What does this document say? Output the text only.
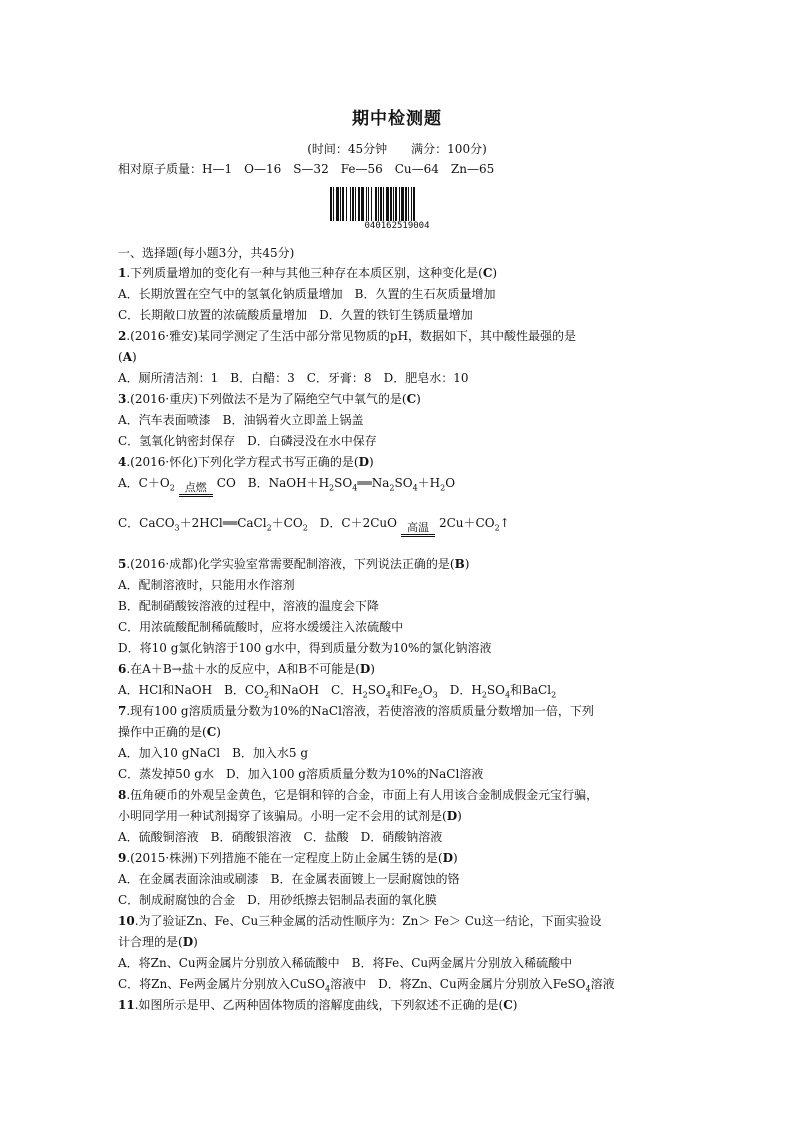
期中检测题
(时间：45分钟　　满分：100分)
相对原子质量：H—1　O—16　S—32　Fe—56　Cu—64　Zn—65
040162519004
一、选择题(每小题3分，共45分)
1.下列质量增加的变化有一种与其他三种存在本质区别，这种变化是(C)
A．长期放置在空气中的氢氧化钠质量增加　B．久置的生石灰质量增加
C．长期敞口放置的浓硫酸质量增加　D．久置的铁钉生锈质量增加
2.(2016·雅安)某同学测定了生活中部分常见物质的pH，数据如下，其中酸性最强的是
(A)
A．厕所清洁剂：1　B．白醋：3　C．牙膏：8　D．肥皂水：10
3.(2016·重庆)下列做法不是为了隔绝空气中氧气的是(C)
A．汽车表面喷漆　B．油锅着火立即盖上锅盖
C．氢氧化钠密封保存　D．白磷浸没在水中保存
4.(2016·怀化)下列化学方程式书写正确的是(D)
A．$C+O_2$ 点燃 CO　B．$NaOH+H_2SO_4══Na_2SO_4+H_2O$
C．$CaCO_3+2HCl══CaCl_2+CO_2$　D．C＋2CuO 高温 $2Cu+CO_2↑$
5.(2016·成都)化学实验室常需要配制溶液，下列说法正确的是(B)
A．配制溶液时，只能用水作溶剂
B．配制硝酸铵溶液的过程中，溶液的温度会下降
C．用浓硫酸配制稀硫酸时，应将水缓缓注入浓硫酸中
D．将10 g氯化钠溶于100 g水中，得到质量分数为10%的氯化钠溶液
6.在A＋B→盐＋水的反应中，A和B不可能是(D)
A．HCl和NaOH　B．$CO_2$和NaOH　C．$H_2SO_4$和$Fe_2O_3$　D．$H_2SO_4$和BaCl$_2$
7.现有100 g溶质质量分数为10%的NaCl溶液，若使溶液的溶质质量分数增加一倍，下列
操作中正确的是(C)
A．加入10 gNaCl　B．加入水5 g
C．蒸发掉50 g水　D．加入100 g溶质质量分数为10%的NaCl溶液
8.伍角硬币的外观呈金黄色，它是铜和锌的合金，市面上有人用该合金制成假金元宝行骗，
小明同学用一种试剂揭穿了该骗局。小明一定不会用的试剂是(D)
A．硫酸铜溶液　B．硝酸银溶液　C．盐酸　D．硝酸钠溶液
9.(2015·株洲)下列措施不能在一定程度上防止金属生锈的是(D)
A．在金属表面涂油或刷漆　B．在金属表面镀上一层耐腐蚀的铬
C．制成耐腐蚀的合金　D．用砂纸擦去铝制品表面的氧化膜
10.为了验证Zn、Fe、Cu三种金属的活动性顺序为：Zn＞ Fe＞ Cu这一结论，下面实验设
计合理的是(D)
A．将Zn、Cu两金属片分别放入稀硫酸中　B．将Fe、Cu两金属片分别放入稀硫酸中
C．将Zn、Fe两金属片分别放入CuSO$_4$溶液中　D．将Zn、Cu两金属片分别放入FeSO$_4$溶液
11.如图所示是甲、乙两种固体物质的溶解度曲线，下列叙述不正确的是(C)
